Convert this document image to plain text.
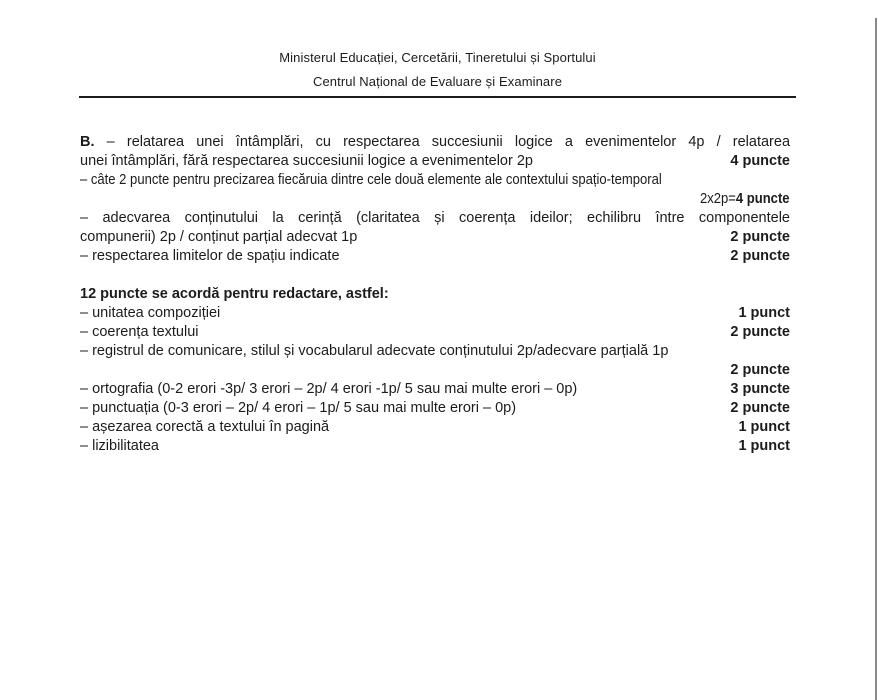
Ministerul Educației, Cercetării, Tineretului și Sportului
Centrul Național de Evaluare și Examinare
B. – relatarea unei întâmplări, cu respectarea succesiunii logice a evenimentelor 4p / relatarea
unei întâmplări, fără respectarea succesiunii logice a evenimentelor 2p	4 puncte
– câte 2 puncte pentru precizarea fiecăruia dintre cele două elemente ale contextului spațio-temporal
2x2p=4 puncte
– adecvarea conținutului la cerință (claritatea și coerența ideilor; echilibru între componentele
compunerii) 2p / conținut parțial adecvat 1p	2 puncte
– respectarea limitelor de spațiu indicate	2 puncte
12 puncte se acordă pentru redactare, astfel:
– unitatea compoziției	1 punct
– coerența textului	2 puncte
– registrul de comunicare, stilul și vocabularul adecvate conținutului 2p/adecvare parțială 1p
2 puncte
– ortografia (0-2 erori -3p/ 3 erori – 2p/ 4 erori -1p/ 5 sau mai multe erori – 0p)	3 puncte
– punctuația (0-3 erori – 2p/ 4 erori – 1p/ 5 sau mai multe erori – 0p)	2 puncte
– așezarea corectă a textului în pagină	1 punct
– lizibilitatea	1 punct
